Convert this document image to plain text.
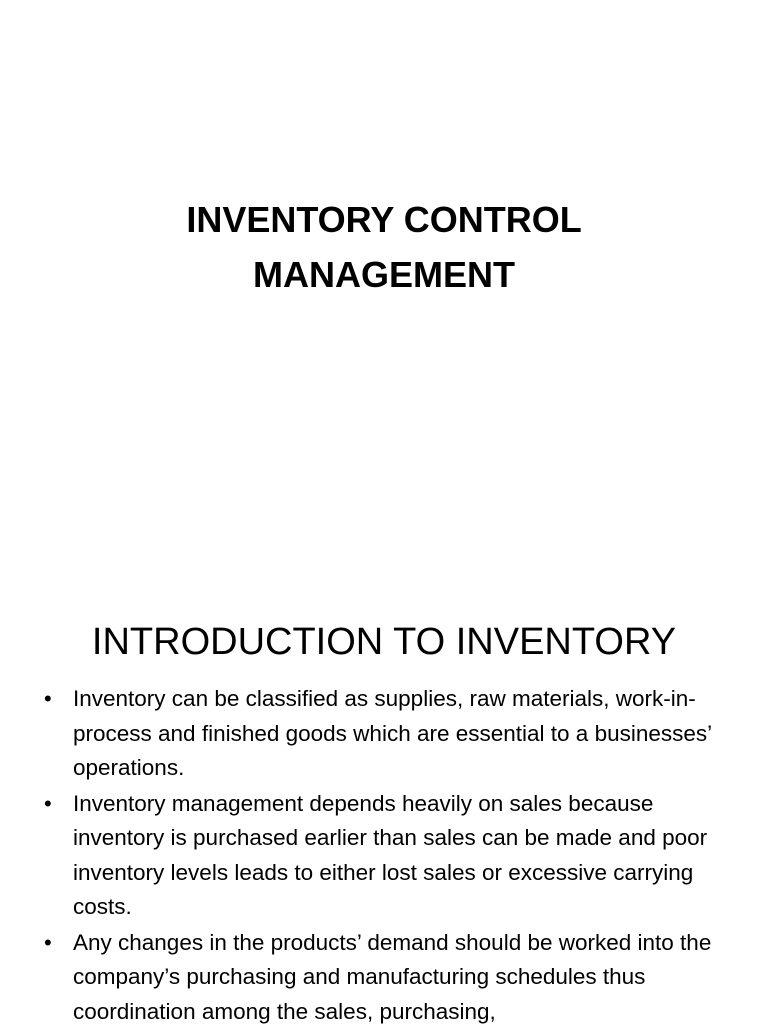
INVENTORY CONTROL
MANAGEMENT
INTRODUCTION TO INVENTORY
• Inventory can be classified as supplies, raw materials, work-in-process and finished goods which are essential to a businesses’ operations.
• Inventory management depends heavily on sales because inventory is purchased earlier than sales can be made and poor inventory levels leads to either lost sales or excessive carrying costs.
• Any changes in the products’ demand should be worked into the company’s purchasing and manufacturing schedules thus coordination among the sales, purchasing,
